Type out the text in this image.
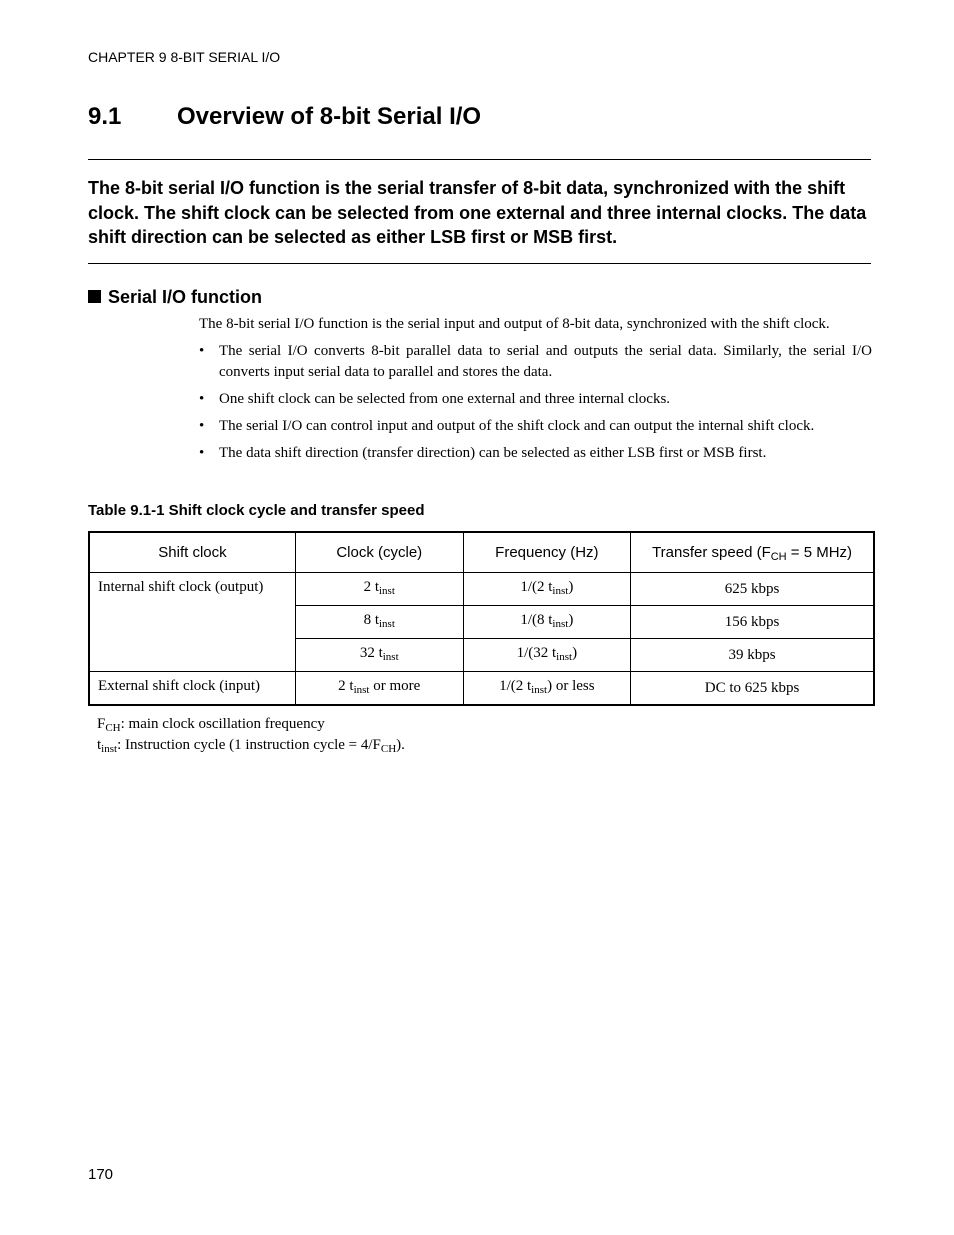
CHAPTER 9 8-BIT SERIAL I/O
9.1 Overview of 8-bit Serial I/O

The 8-bit serial I/O function is the serial transfer of 8-bit data, synchronized with the shift clock. The shift clock can be selected from one external and three internal clocks. The data shift direction can be selected as either LSB first or MSB first.

Serial I/O function

The 8-bit serial I/O function is the serial input and output of 8-bit data, synchronized with the shift clock.

• The serial I/O converts 8-bit parallel data to serial and outputs the serial data. Similarly, the serial I/O converts input serial data to parallel and stores the data.
• One shift clock can be selected from one external and three internal clocks.
• The serial I/O can control input and output of the shift clock and can output the internal shift clock.
• The data shift direction (transfer direction) can be selected as either LSB first or MSB first.
Table 9.1-1 Shift clock cycle and transfer speed
Shift clock	Clock (cycle)	Frequency (Hz)	Transfer speed ($F_{CH} = 5$ MHz)
Internal shift clock (output)	2 $t_{inst}$	1/(2 $t_{inst}$)	625 kbps
	8 $t_{inst}$	1/(8 $t_{inst}$)	156 kbps
	32 $t_{inst}$	1/(32 $t_{inst}$)	39 kbps
External shift clock (input)	2 $t_{inst}$ or more	1/(2 $t_{inst}$) or less	DC to 625 kbps

$F_{CH}$: main clock oscillation frequency

$t_{inst}$: Instruction cycle (1 instruction cycle = $4/F_{CH}$).

170
